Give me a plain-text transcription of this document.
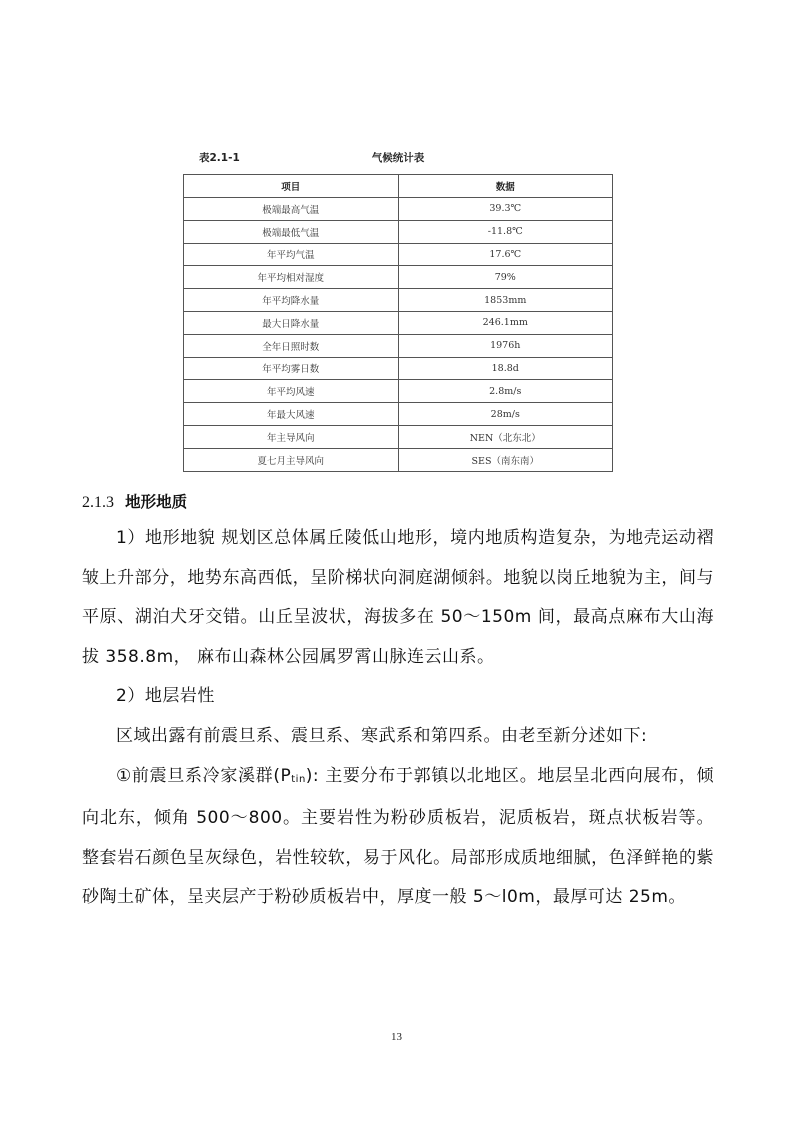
表2.1-1	气候统计表
项目	数据
极端最高气温	39.3℃
极端最低气温	-11.8℃
年平均气温	17.6℃
年平均相对湿度	79%
年平均降水量	1853mm
最大日降水量	246.1mm
全年日照时数	1976h
年平均雾日数	18.8d
年平均风速	2.8m/s
年最大风速	28m/s
年主导风向	NEN（北东北）
夏七月主导风向	SES（南东南）
2.1.3 地形地质

1）地形地貌 规划区总体属丘陵低山地形，境内地质构造复杂，为地壳运动褶皱上升部分，地势东高西低，呈阶梯状向洞庭湖倾斜。地貌以岗丘地貌为主，间与平原、湖泊犬牙交错。山丘呈波状，海拔多在 50～150m 间，最高点麻布大山海拔 358.8m， 麻布山森林公园属罗霄山脉连云山系。

2）地层岩性

区域出露有前震旦系、震旦系、寒武系和第四系。由老至新分述如下:

①前震旦系冷家溪群$(P_{tin})$: 主要分布于郭镇以北地区。地层呈北西向展布，倾向北东，倾角 500～800。主要岩性为粉砂质板岩，泥质板岩，斑点状板岩等。整套岩石颜色呈灰绿色，岩性较软，易于风化。局部形成质地细腻，色泽鲜艳的紫砂陶土矿体，呈夹层产于粉砂质板岩中，厚度一般 5～l0m，最厚可达 25m。

13
